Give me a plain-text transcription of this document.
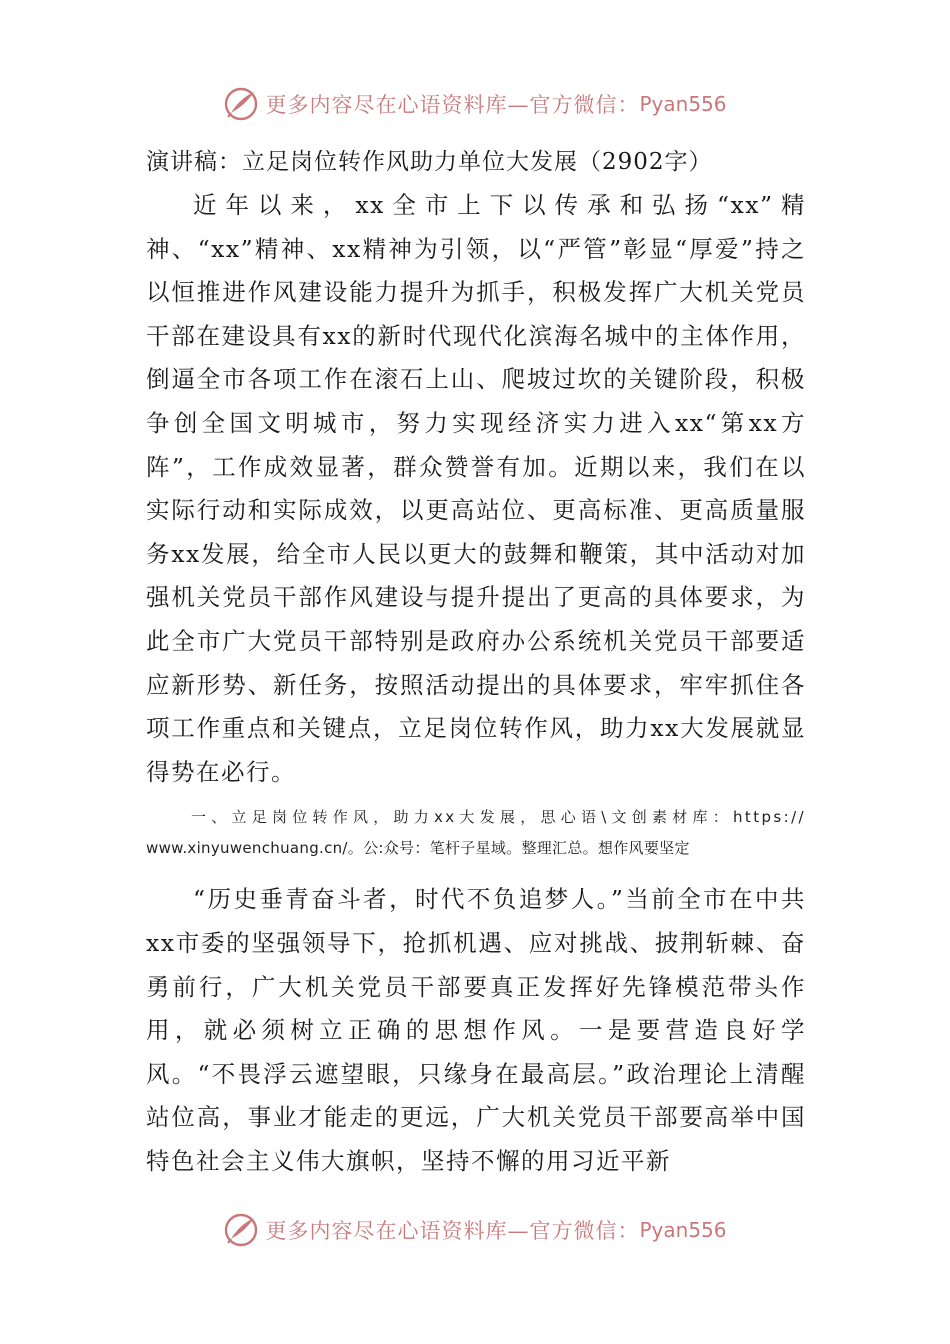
更多内容尽在心语资料库—官方微信： Pyan556
演讲稿：立足岗位转作风助力单位大发展（2902字）

近年以来，xx全市上下以传承和弘扬“xx”精神、“xx”精神、xx精神为引领，以“严管”彰显“厚爱”持之以恒推进作风建设能力提升为抓手，积极发挥广大机关党员干部在建设具有xx的新时代现代化滨海名城中的主体作用，倒逼全市各项工作在滚石上山、爬坡过坎的关键阶段，积极争创全国文明城市，努力实现经济实力进入xx“第xx方阵”，工作成效显著，群众赞誉有加。近期以来，我们在以实际行动和实际成效，以更高站位、更高标准、更高质量服务xx发展，给全市人民以更大的鼓舞和鞭策，其中活动对加强机关党员干部作风建设与提升提出了更高的具体要求，为此全市广大党员干部特别是政府办公系统机关党员干部要适应新形势、新任务，按照活动提出的具体要求，牢牢抓住各项工作重点和关键点，立足岗位转作风，助力xx大发展就显得势在必行。

一、立足岗位转作风，助力xx大发展，思心语\文创素材库：https:// www.xinyuwenchuang.cn/。公:众号：笔杆子星域。整理汇总。想作风要坚定

“历史垂青奋斗者，时代不负追梦人。”当前全市在中共xx市委的坚强领导下，抢抓机遇、应对挑战、披荆斩棘、奋勇前行，广大机关党员干部要真正发挥好先锋模范带头作用，就必须树立正确的思想作风。一是要营造良好学风。“不畏浮云遮望眼，只缘身在最高层。”政治理论上清醒站位高，事业才能走的更远，广大机关党员干部要高举中国特色社会主义伟大旗帜，坚持不懈的用习近平新

更多内容尽在心语资料库—官方微信： Pyan556
